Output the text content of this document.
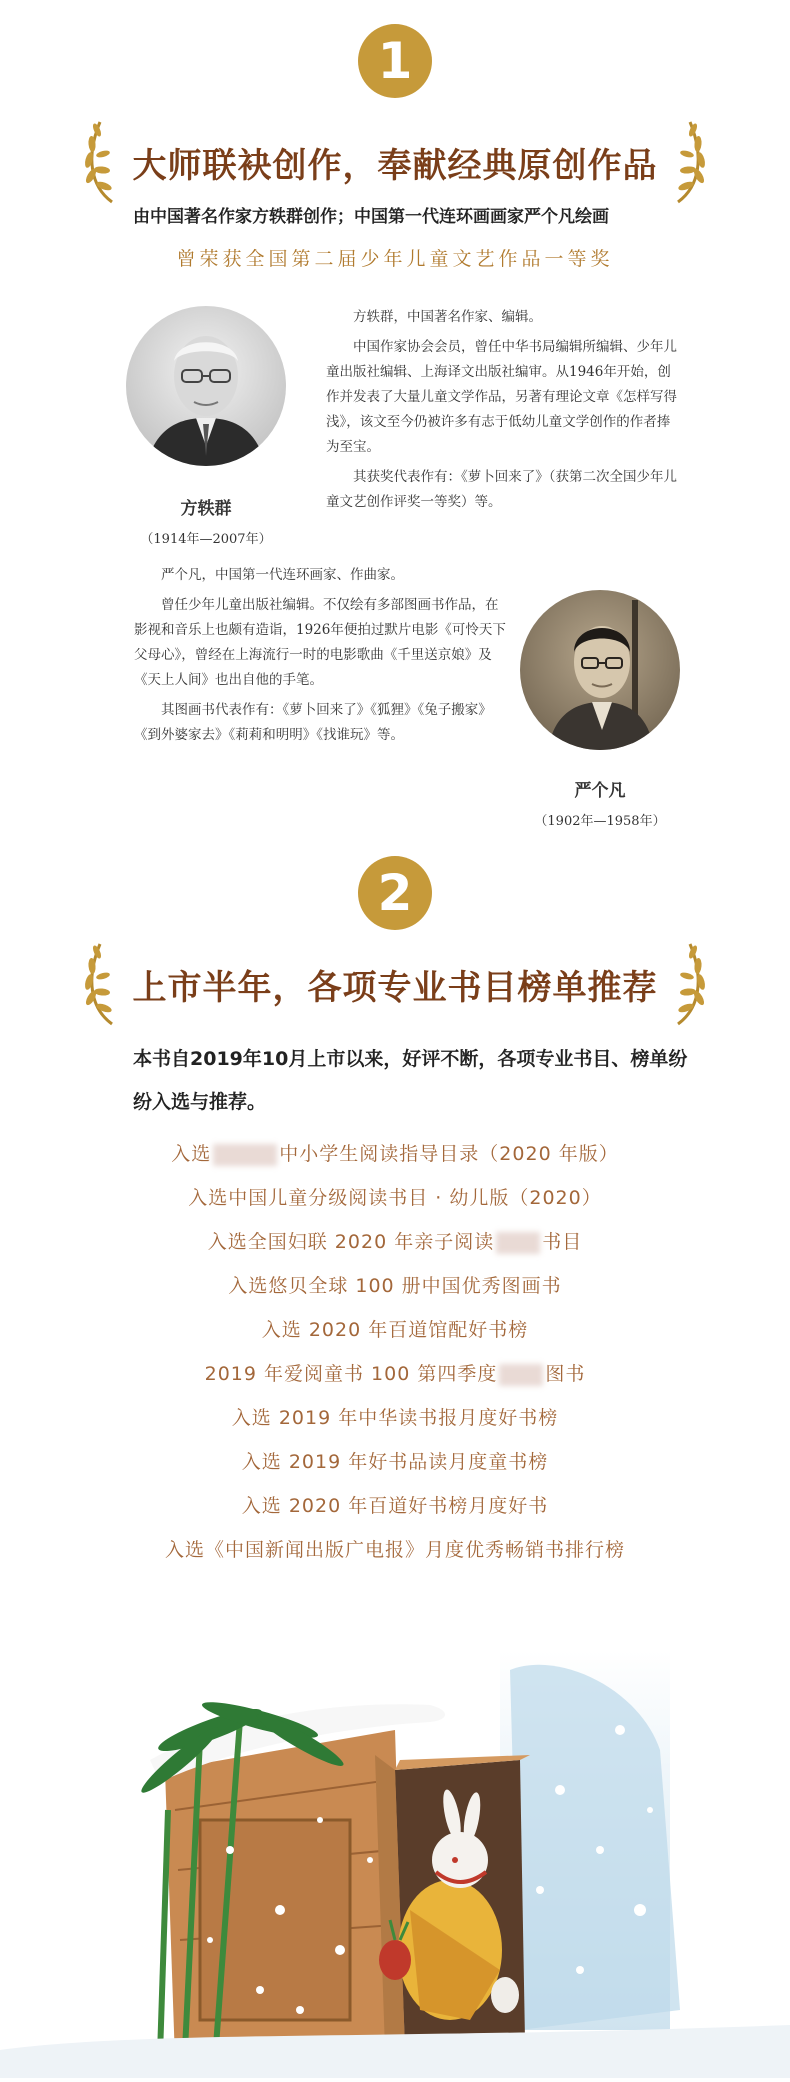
1
大师联袂创作，奉献经典原创作品
由中国著名作家方轶群创作；中国第一代连环画画家严个凡绘画
曾荣获全国第二届少年儿童文艺作品一等奖
方轶群
（1914年—2007年）

方轶群，中国著名作家、编辑。

中国作家协会会员，曾任中华书局编辑所编辑、少年儿童出版社编辑、上海译文出版社编审。从1946年开始，创作并发表了大量儿童文学作品，另著有理论文章《怎样写得浅》，该文至今仍被许多有志于低幼儿童文学创作的作者捧为至宝。

其获奖代表作有：《萝卜回来了》（获第二次全国少年儿童文艺创作评奖一等奖）等。

严个凡，中国第一代连环画家、作曲家。

曾任少年儿童出版社编辑。不仅绘有多部图画书作品，在影视和音乐上也颇有造诣，1926年便拍过默片电影《可怜天下父母心》，曾经在上海流行一时的电影歌曲《千里送京娘》及《天上人间》也出自他的手笔。

其图画书代表作有：《萝卜回来了》《狐狸》《兔子搬家》《到外婆家去》《莉莉和明明》《找谁玩》等。

严个凡
（1902年—1958年）
2
上市半年，各项专业书目榜单推荐
本书自2019年10月上市以来，好评不断，各项专业书目、榜单纷纷入选与推荐。
入选	中小学生阅读指导目录（2020 年版）
入选中国儿童分级阅读书目 · 幼儿版（2020）
入选全国妇联 2020 年亲子阅读	书目
入选悠贝全球 100 册中国优秀图画书
入选 2020 年百道馆配好书榜
2019 年爱阅童书 100 第四季度	图书
入选 2019 年中华读书报月度好书榜
入选 2019 年好书品读月度童书榜
入选 2020 年百道好书榜月度好书
入选《中国新闻出版广电报》月度优秀畅销书排行榜
